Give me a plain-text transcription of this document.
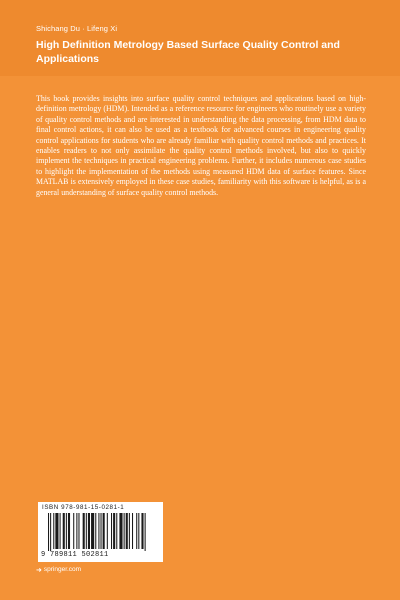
Shichang Du · Lifeng Xi
High Definition Metrology Based Surface Quality Control and Applications

This book provides insights into surface quality control techniques and applications based on high-definition metrology (HDM). Intended as a reference resource for engineers who routinely use a variety of quality control methods and are interested in understanding the data processing, from HDM data to final control actions, it can also be used as a textbook for advanced courses in engineering quality control applications for students who are already familiar with quality control methods and practices. It enables readers to not only assimilate the quality control methods involved, but also to quickly implement the techniques in practical engineering problems. Further, it includes numerous case studies to highlight the implementation of the methods using measured HDM data of surface features. Since MATLAB is extensively employed in these case studies, familiarity with this software is helpful, as is a general understanding of surface quality control methods.

ISBN 978-981-15-0281-1
9 789811 502811
➜ springer.com
